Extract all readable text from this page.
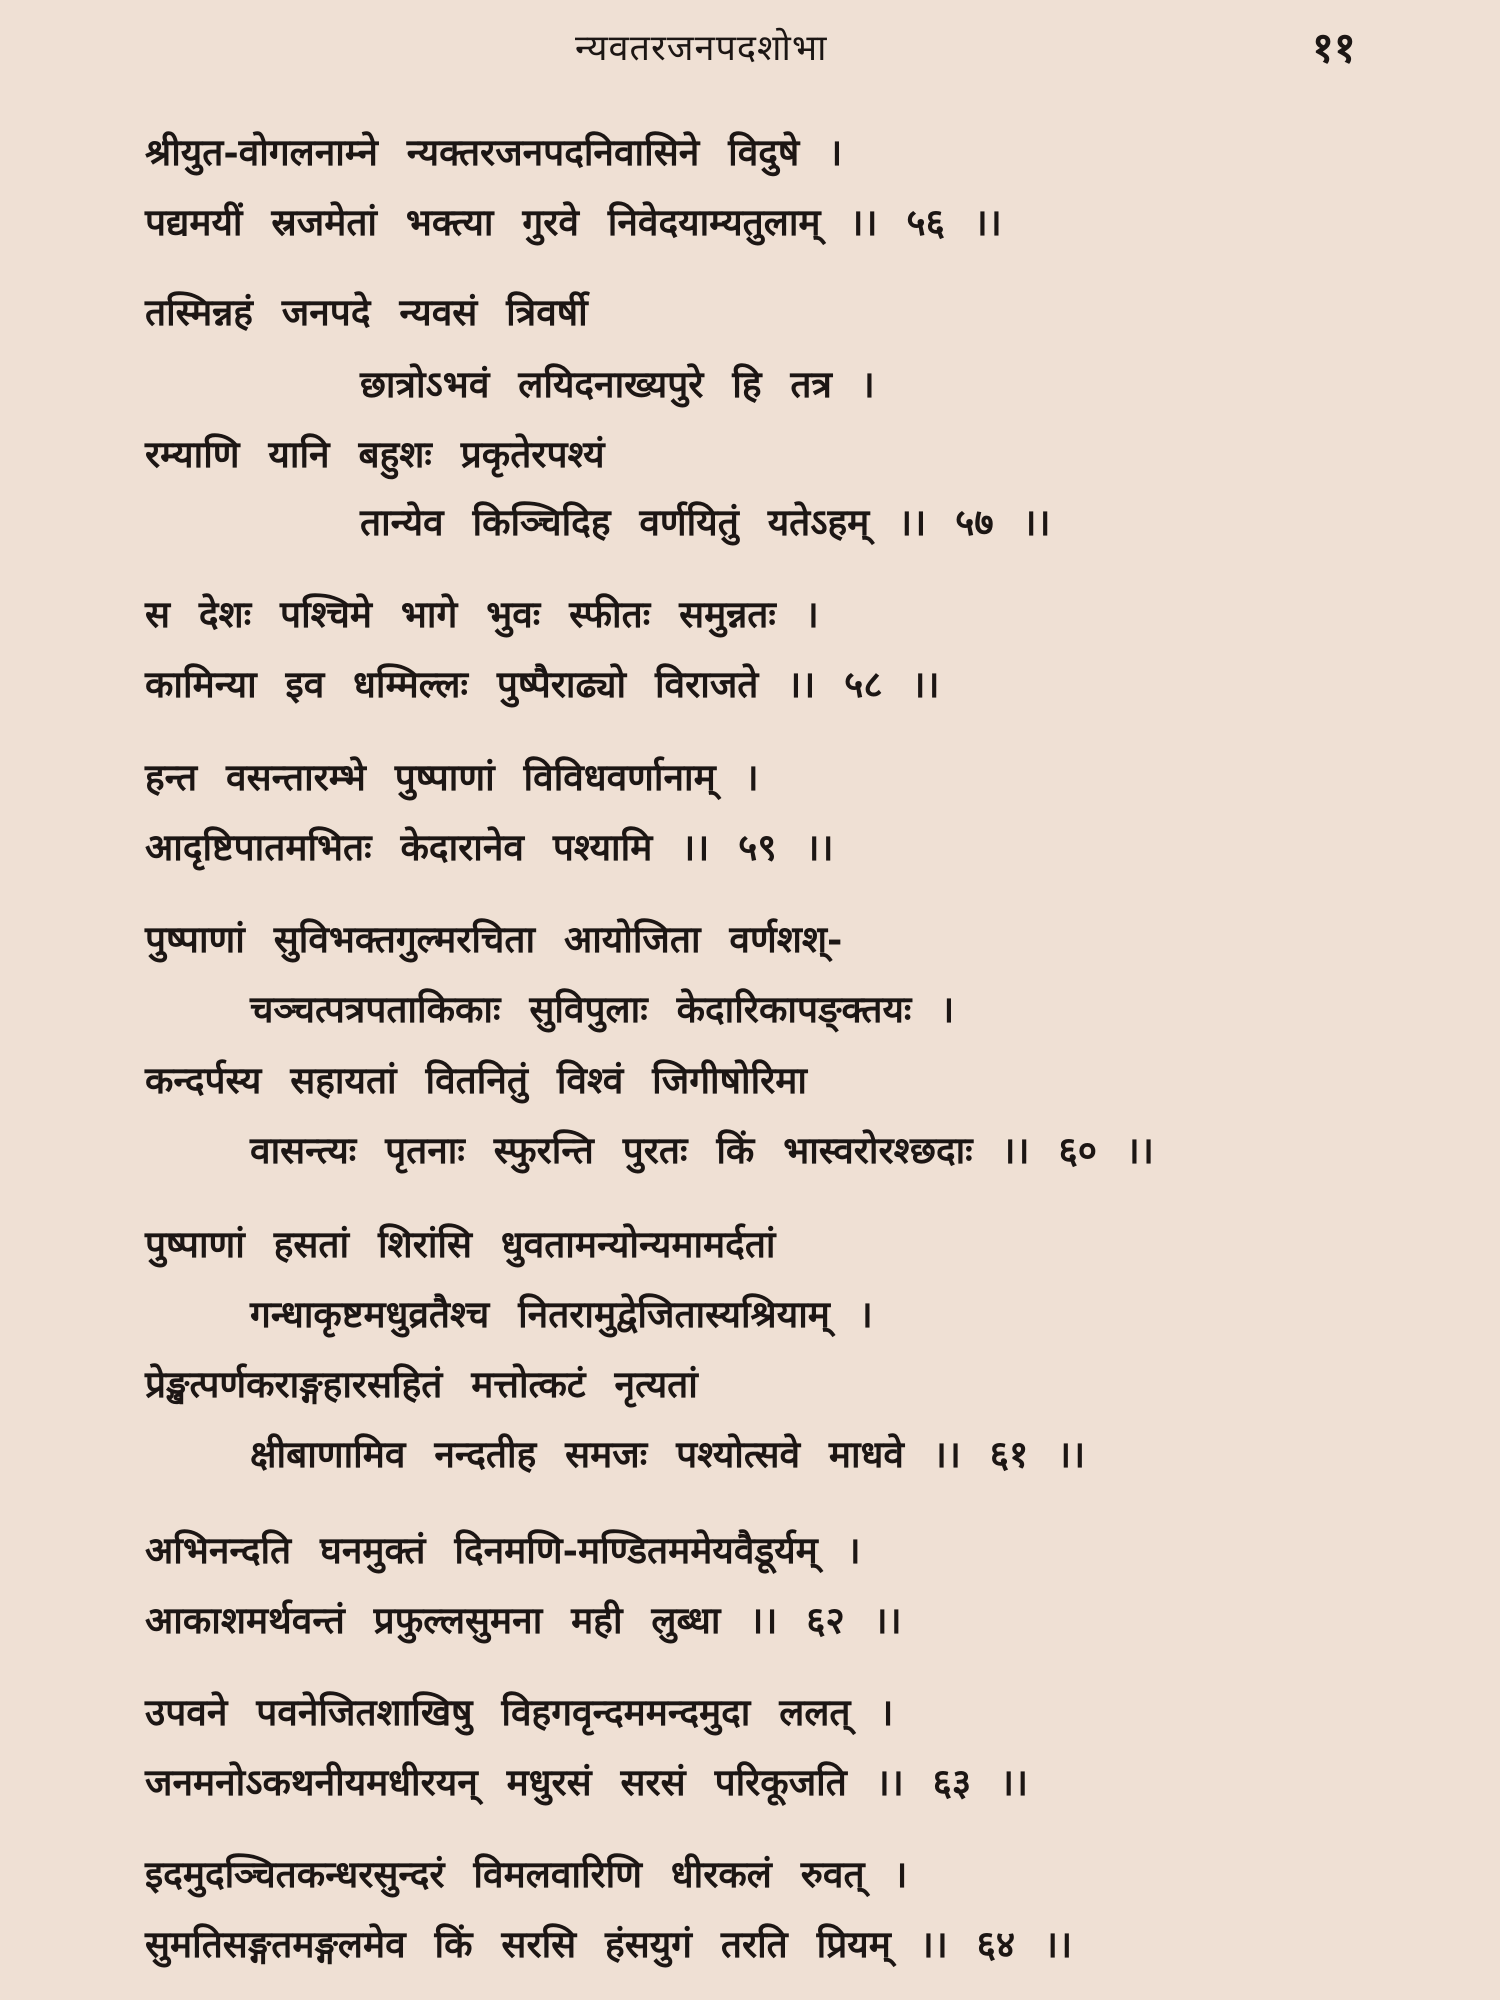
न्यवतरजनपदशोभा	११
श्रीयुत-वोगलनाम्ने न्यक्तरजनपदनिवासिने विदुषे ।
पद्यमयीं स्रजमेतां भक्त्या गुरवे निवेदयाम्यतुलाम् ।। ५६ ।।
तस्मिन्नहं जनपदे न्यवसं त्रिवर्षी
छात्रोऽभवं लयिदनाख्यपुरे हि तत्र ।
रम्याणि यानि बहुशः प्रकृतेरपश्यं
तान्येव किञ्चिदिह वर्णयितुं यतेऽहम् ।। ५७ ।।
स देशः पश्चिमे भागे भुवः स्फीतः समुन्नतः ।
कामिन्या इव धम्मिल्लः पुष्पैराढ्यो विराजते ।। ५८ ।।
हन्त वसन्तारम्भे पुष्पाणां विविधवर्णानाम् ।
आदृष्टिपातमभितः केदारानेव पश्यामि ।। ५९ ।।
पुष्पाणां सुविभक्तगुल्मरचिता आयोजिता वर्णशश्-
चञ्चत्पत्रपताकिकाः सुविपुलाः केदारिकापङ्क्तयः ।
कन्दर्पस्य सहायतां वितनितुं विश्वं जिगीषोरिमा
वासन्त्यः पृतनाः स्फुरन्ति पुरतः किं भास्वरोरश्छदाः ।। ६० ।।
पुष्पाणां हसतां शिरांसि धुवतामन्योन्यमामर्दतां
गन्धाकृष्टमधुव्रतैश्च नितरामुद्वेजितास्यश्रियाम् ।
प्रेङ्खत्पर्णकराङ्गहारसहितं मत्तोत्कटं नृत्यतां
क्षीबाणामिव नन्दतीह समजः पश्योत्सवे माधवे ।। ६१ ।।
अभिनन्दति घनमुक्तं दिनमणि-मण्डितममेयवैडूर्यम् ।
आकाशमर्थवन्तं प्रफुल्लसुमना मही लुब्धा ।। ६२ ।।
उपवने पवनेजितशाखिषु विहगवृन्दममन्दमुदा ललत् ।
जनमनोऽकथनीयमधीरयन् मधुरसं सरसं परिकूजति ।। ६३ ।।
इदमुदञ्चितकन्धरसुन्दरं विमलवारिणि धीरकलं रुवत् ।
सुमतिसङ्गतमङ्गलमेव किं सरसि हंसयुगं तरति प्रियम् ।। ६४ ।।
